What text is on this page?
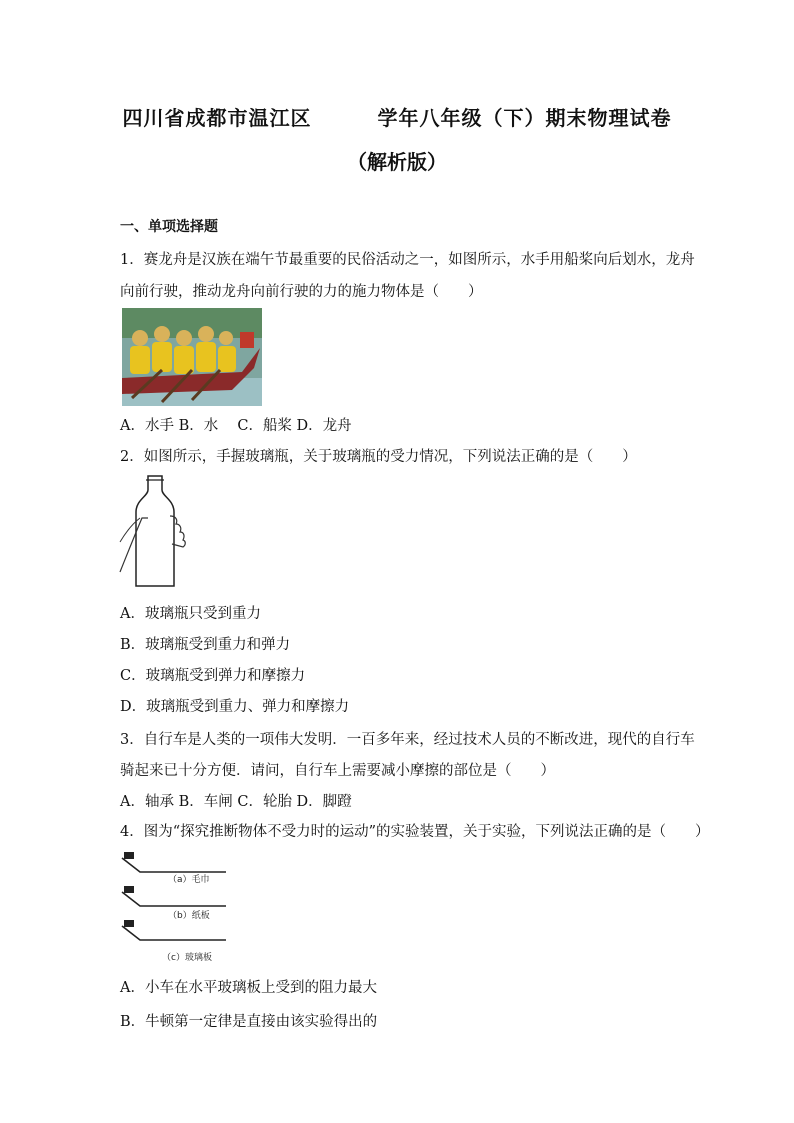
四川省成都市温江区	学年八年级（下）期末物理试卷
（解析版）
一、单项选择题
1．赛龙舟是汉族在端午节最重要的民俗活动之一，如图所示，水手用船桨向后划水，龙舟
向前行驶，推动龙舟向前行驶的力的施力物体是（　　）
A．水手 B．水　 C．船桨 D．龙舟
2．如图所示，手握玻璃瓶，关于玻璃瓶的受力情况，下列说法正确的是（　　）
A．玻璃瓶只受到重力
B．玻璃瓶受到重力和弹力
C．玻璃瓶受到弹力和摩擦力
D．玻璃瓶受到重力、弹力和摩擦力
3．自行车是人类的一项伟大发明．一百多年来，经过技术人员的不断改进，现代的自行车
骑起来已十分方便．请问，自行车上需要减小摩擦的部位是（　　）
A．轴承 B．车闸 C．轮胎 D．脚蹬
4．图为“探究推断物体不受力时的运动”的实验装置，关于实验，下列说法正确的是（　　）
（a）毛巾
（b）纸板
（c）玻璃板
A．小车在水平玻璃板上受到的阻力最大
B．牛顿第一定律是直接由该实验得出的
